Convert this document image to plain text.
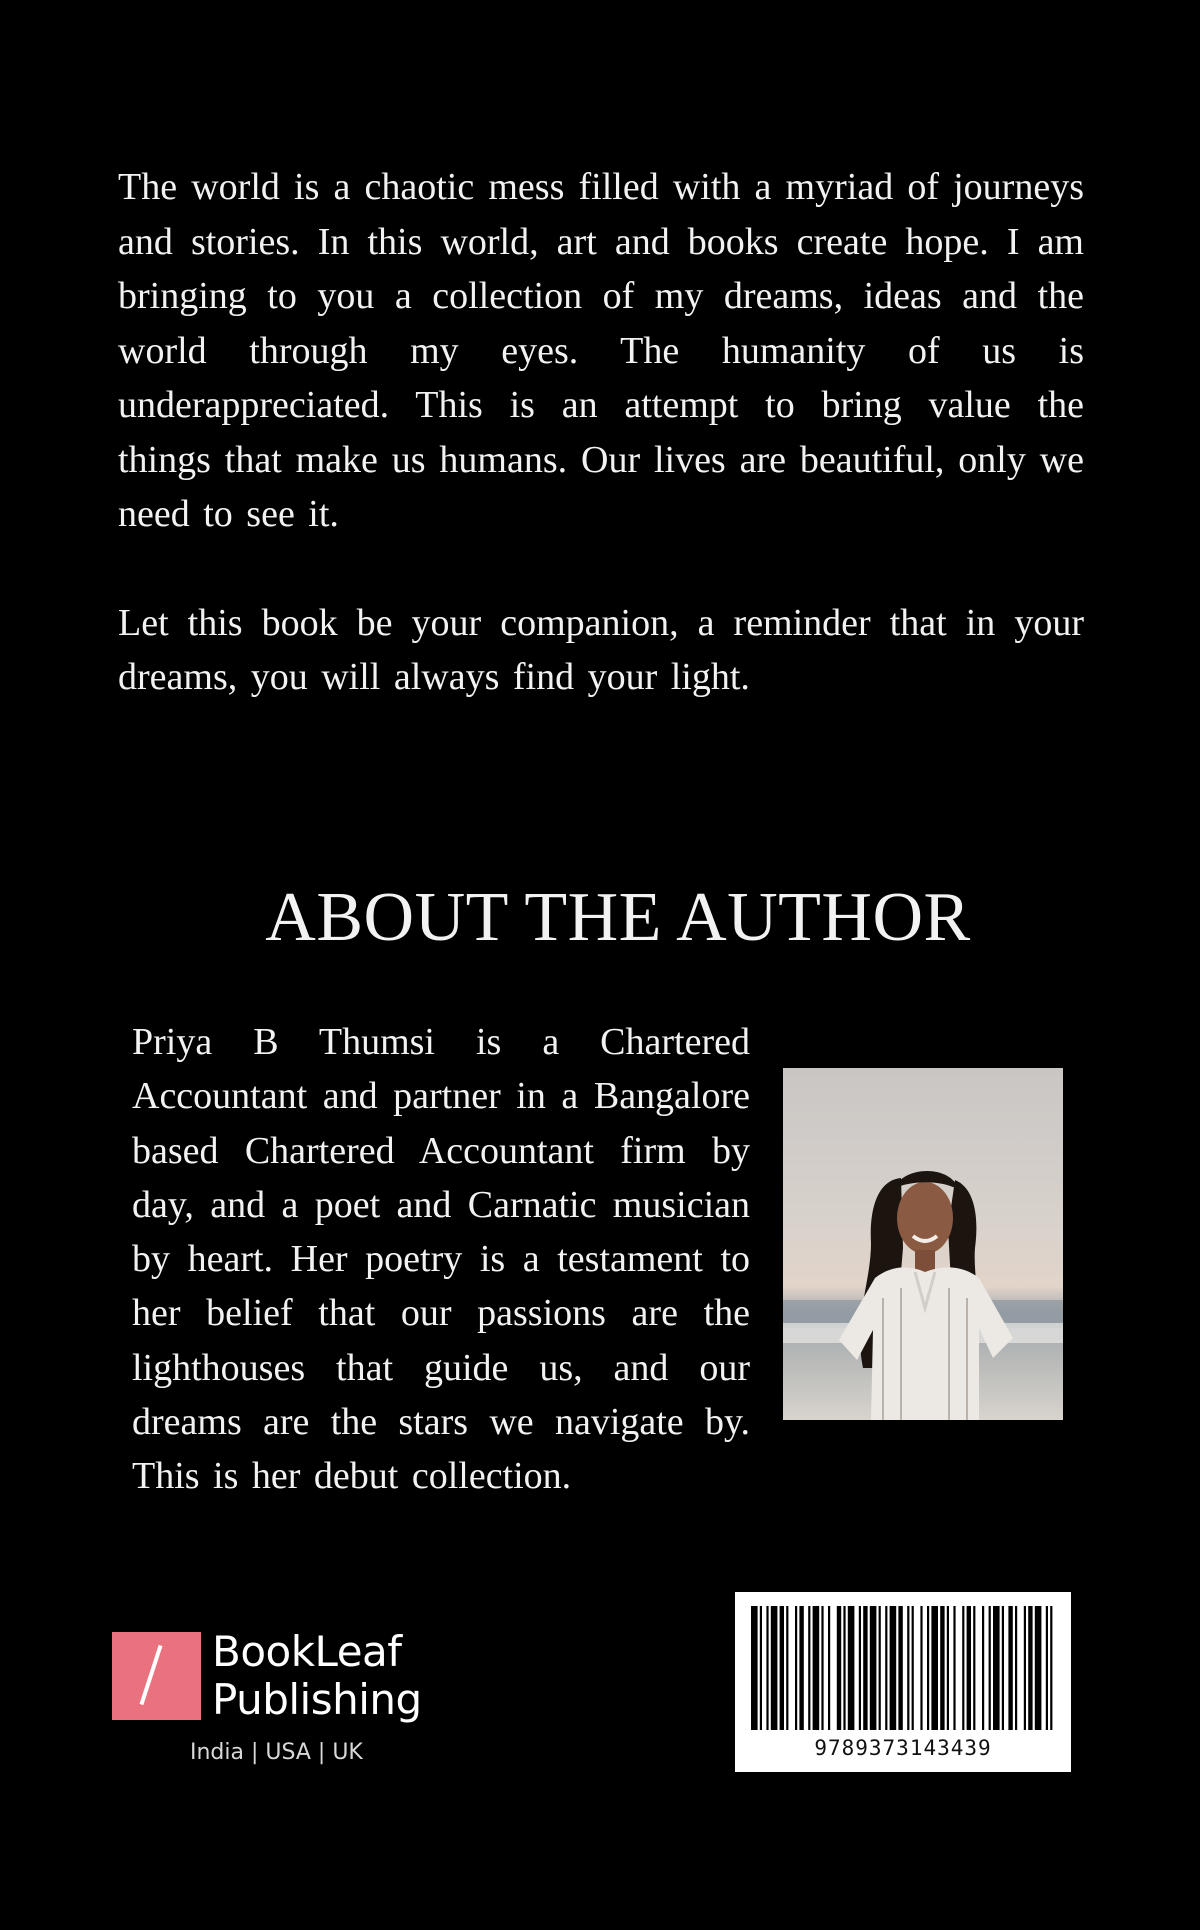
The world is a chaotic mess filled with a myriad of journeys and stories. In this world, art and books create hope. I am bringing to you a collection of my dreams, ideas and the world through my eyes. The humanity of us is underappreciated. This is an attempt to bring value the things that make us humans. Our lives are beautiful, only we need to see it.

Let this book be your companion, a reminder that in your dreams, you will always find your light.

ABOUT THE AUTHOR
Priya B Thumsi is a Chartered Accountant and partner in a Bangalore based Chartered Accountant firm by day, and a poet and Carnatic musician by heart. Her poetry is a testament to her belief that our passions are the lighthouses that guide us, and our dreams are the stars we navigate by. This is her debut collection.
BookLeaf
Publishing
India | USA | UK	9789373143439
